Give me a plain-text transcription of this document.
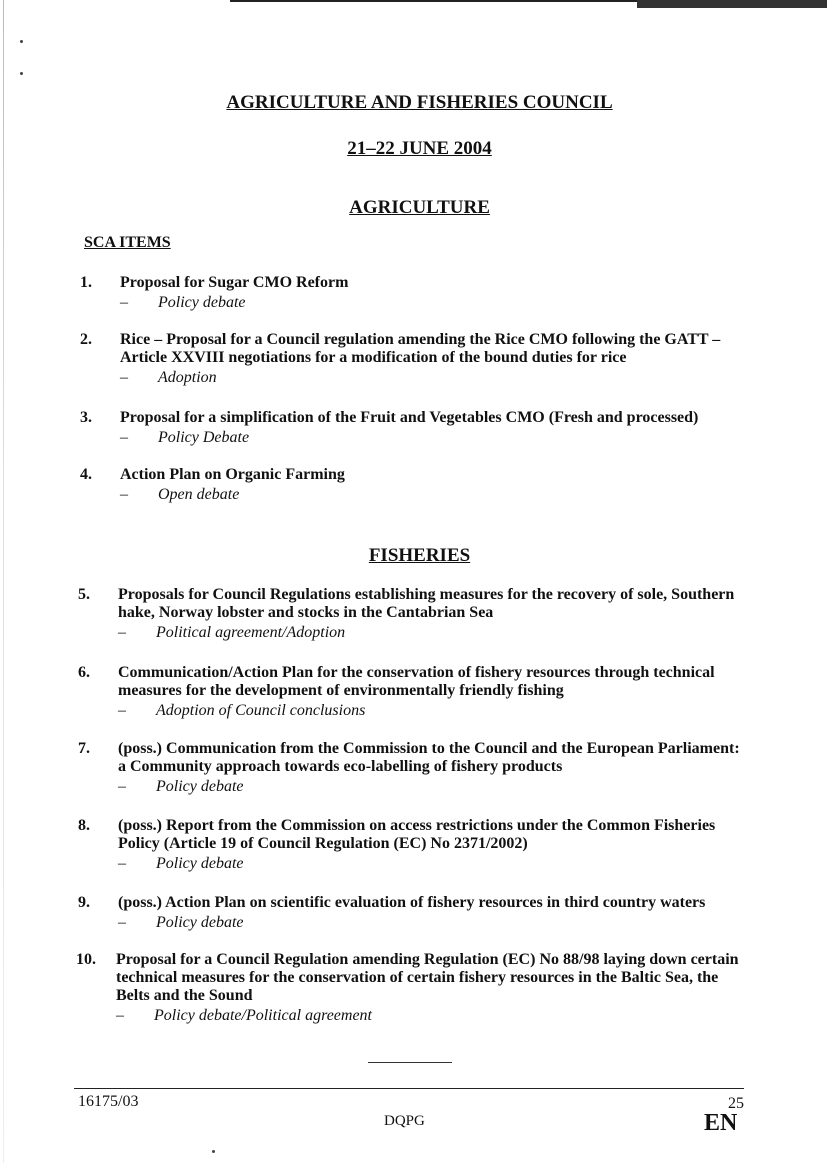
AGRICULTURE AND FISHERIES COUNCIL
21–22 JUNE 2004
AGRICULTURE
SCA ITEMS
1. Proposal for Sugar CMO Reform
–	Policy debate
2. Rice – Proposal for a Council regulation amending the Rice CMO following the GATT – Article XXVIII negotiations for a modification of the bound duties for rice
–	Adoption
3. Proposal for a simplification of the Fruit and Vegetables CMO (Fresh and processed)
–	Policy Debate
4. Action Plan on Organic Farming
–	Open debate
FISHERIES
5. Proposals for Council Regulations establishing measures for the recovery of sole, Southern hake, Norway lobster and stocks in the Cantabrian Sea
–	Political agreement/Adoption
6. Communication/Action Plan for the conservation of fishery resources through technical measures for the development of environmentally friendly fishing
–	Adoption of Council conclusions
7. (poss.) Communication from the Commission to the Council and the European Parliament: a Community approach towards eco-labelling of fishery products
–	Policy debate
8. (poss.) Report from the Commission on access restrictions under the Common Fisheries Policy (Article 19 of Council Regulation (EC) No 2371/2002)
–	Policy debate
9. (poss.) Action Plan on scientific evaluation of fishery resources in third country waters
–	Policy debate
10. Proposal for a Council Regulation amending Regulation (EC) No 88/98 laying down certain technical measures for the conservation of certain fishery resources in the Baltic Sea, the Belts and the Sound
–	Policy debate/Political agreement
16175/03	25
DQPG	EN
